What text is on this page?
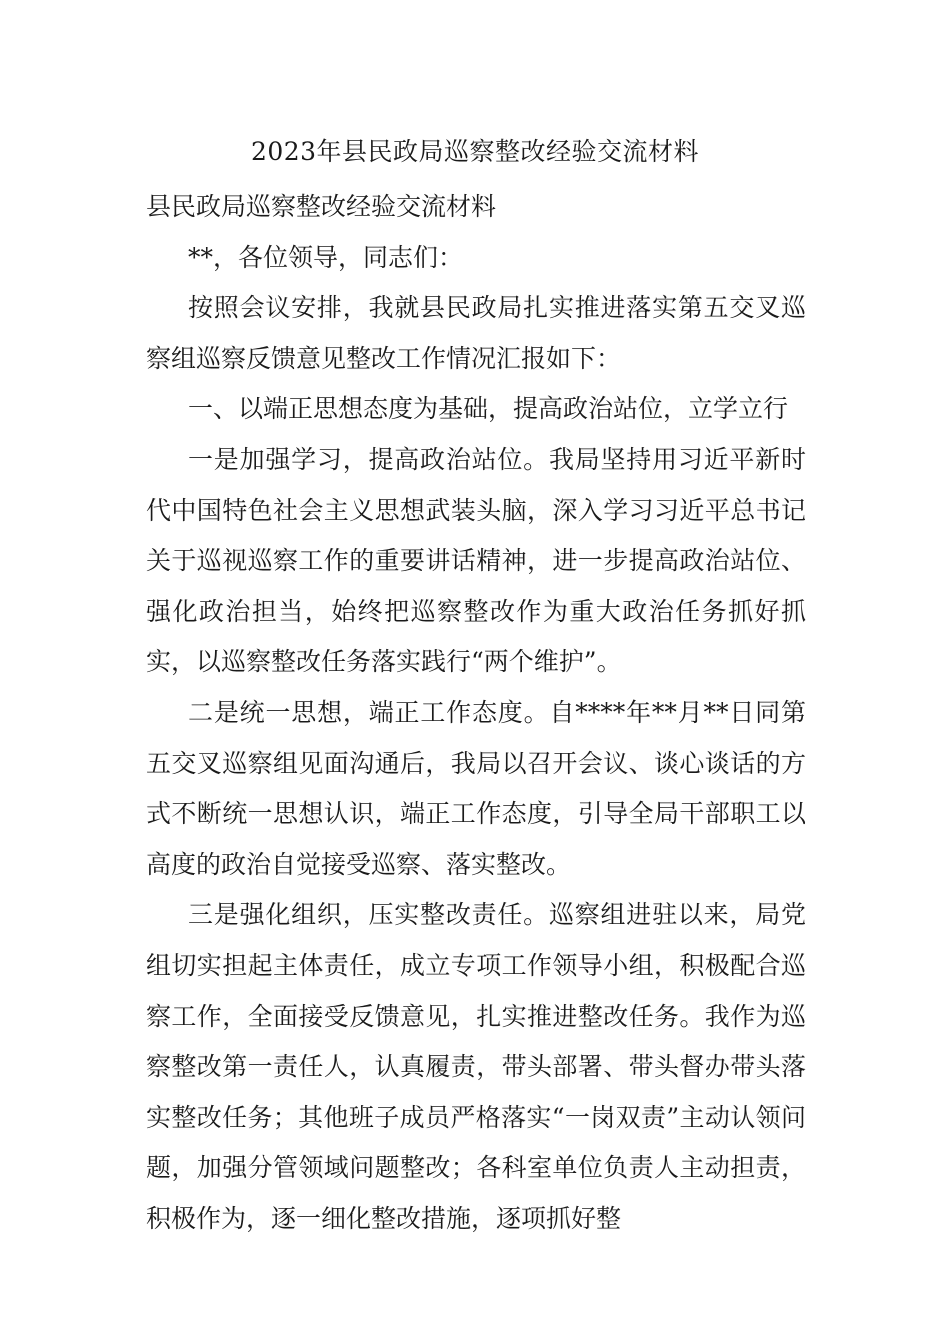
2023年县民政局巡察整改经验交流材料

县民政局巡察整改经验交流材料

**，各位领导，同志们：

按照会议安排，我就县民政局扎实推进落实第五交叉巡察组巡察反馈意见整改工作情况汇报如下：

一、以端正思想态度为基础，提高政治站位，立学立行

一是加强学习，提高政治站位。我局坚持用习近平新时代中国特色社会主义思想武装头脑，深入学习习近平总书记关于巡视巡察工作的重要讲话精神，进一步提高政治站位、强化政治担当，始终把巡察整改作为重大政治任务抓好抓实，以巡察整改任务落实践行“两个维护”。

二是统一思想，端正工作态度。自****年**月**日同第五交叉巡察组见面沟通后，我局以召开会议、谈心谈话的方式不断统一思想认识，端正工作态度，引导全局干部职工以高度的政治自觉接受巡察、落实整改。

三是强化组织，压实整改责任。巡察组进驻以来，局党组切实担起主体责任，成立专项工作领导小组，积极配合巡察工作，全面接受反馈意见，扎实推进整改任务。我作为巡察整改第一责任人，认真履责，带头部署、带头督办带头落实整改任务；其他班子成员严格落实“一岗双责”主动认领问题，加强分管领域问题整改；各科室单位负责人主动担责，积极作为，逐一细化整改措施，逐项抓好整
